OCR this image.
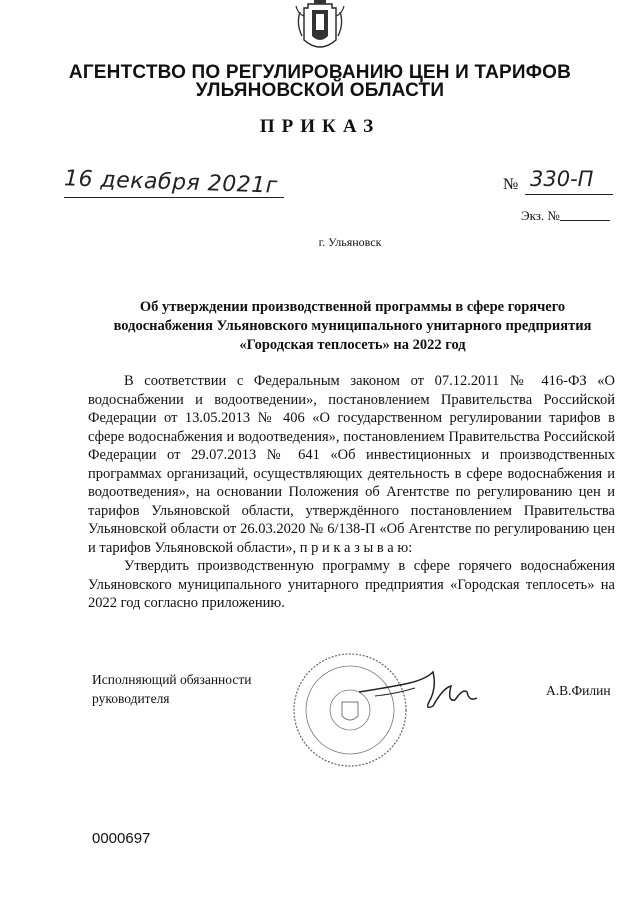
АГЕНТСТВО ПО РЕГУЛИРОВАНИЮ ЦЕН И ТАРИФОВ
УЛЬЯНОВСКОЙ ОБЛАСТИ
ПРИКАЗ
16 декабря 2021г	№ 330-П
Экз. №
г. Ульяновск
Об утверждении производственной программы в сфере горячего
водоснабжения Ульяновского муниципального унитарного предприятия
«Городская теплосеть» на 2022 год

В соответствии с Федеральным законом от 07.12.2011 № 416-ФЗ «О водоснабжении и водоотведении», постановлением Правительства Российской Федерации от 13.05.2013 № 406 «О государственном регулировании тарифов в сфере водоснабжения и водоотведения», постановлением Правительства Российской Федерации от 29.07.2013 № 641 «Об инвестиционных и производственных программах организаций, осуществляющих деятельность в сфере водоснабжения и водоотведения», на основании Положения об Агентстве по регулированию цен и тарифов Ульяновской области, утверждённого постановлением Правительства Ульяновской области от 26.03.2020 № 6/138-П «Об Агентстве по регулированию цен и тарифов Ульяновской области», п р и к а з ы в а ю:

Утвердить производственную программу в сфере горячего водоснабжения Ульяновского муниципального унитарного предприятия «Городская теплосеть» на 2022 год согласно приложению.

Исполняющий обязанности
руководителя
А.В.Филин
0000697
